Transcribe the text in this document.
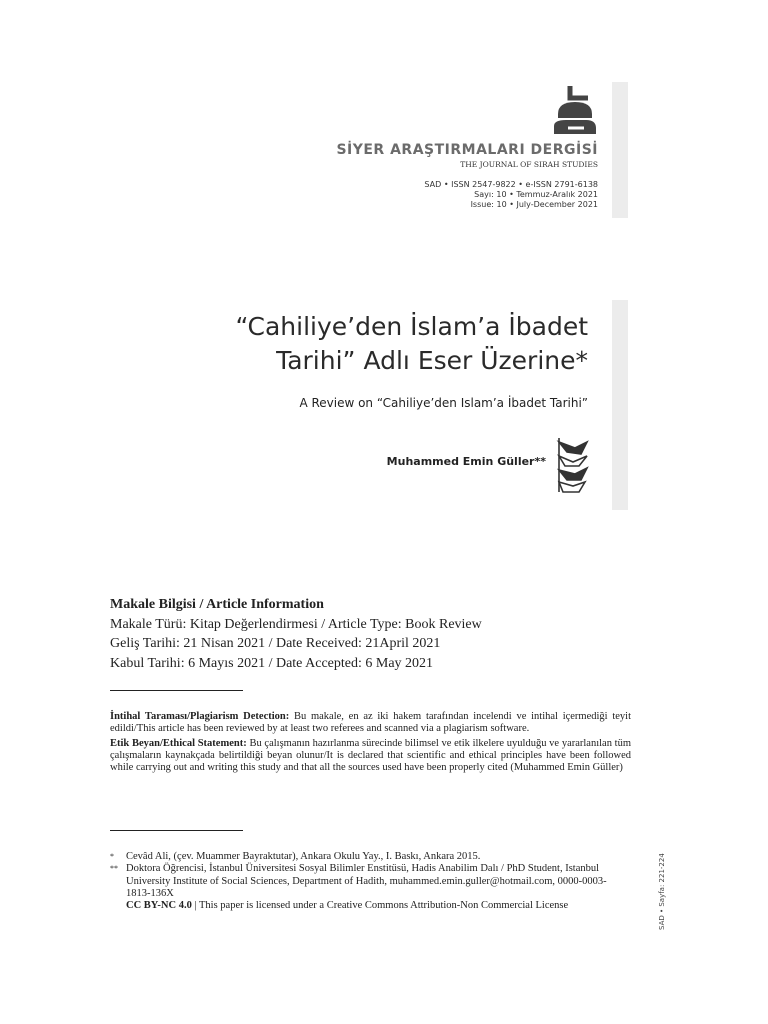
SİYER ARAŞTIRMALARI DERGİSİ
THE JOURNAL OF SIRAH STUDIES
SAD • ISSN 2547-9822 • e-ISSN 2791-6138
Sayı: 10 • Temmuz-Aralık 2021
Issue: 10 • July-December 2021
“Cahiliye’den İslam’a İbadet
Tarihi” Adlı Eser Üzerine*
A Review on “Cahiliye’den Islam’a İbadet Tarihi”
Muhammed Emin Güller**
Makale Bilgisi / Article Information
Makale Türü: Kitap Değerlendirmesi / Article Type: Book Review
Geliş Tarihi: 21 Nisan 2021 / Date Received: 21April 2021
Kabul Tarihi: 6 Mayıs 2021 / Date Accepted: 6 May 2021

İntihal Taraması/Plagiarism Detection: Bu makale, en az iki hakem tarafından incelendi ve intihal içermediği teyit edildi/This article has been reviewed by at least two referees and scanned via a plagiarism software.

Etik Beyan/Ethical Statement: Bu çalışmanın hazırlanma sürecinde bilimsel ve etik ilkelere uyulduğu ve yararlanılan tüm çalışmaların kaynakçada belirtildiği beyan olunur/It is declared that scientific and ethical principles have been followed while carrying out and writing this study and that all the sources used have been properly cited (Muhammed Emin Güller)

* Cevâd Ali, (çev. Muammer Bayraktutar), Ankara Okulu Yay., I. Baskı, Ankara 2015.
** Doktora Öğrencisi, İstanbul Üniversitesi Sosyal Bilimler Enstitüsü, Hadis Anabilim Dalı / PhD Student, Istanbul University Institute of Social Sciences, Department of Hadith, muhammed.emin.guller@hotmail.com, 0000-0003-1813-136X
CC BY-NC 4.0 | This paper is licensed under a Creative Commons Attribution-Non Commercial License	SAD • Sayfa: 221-224
